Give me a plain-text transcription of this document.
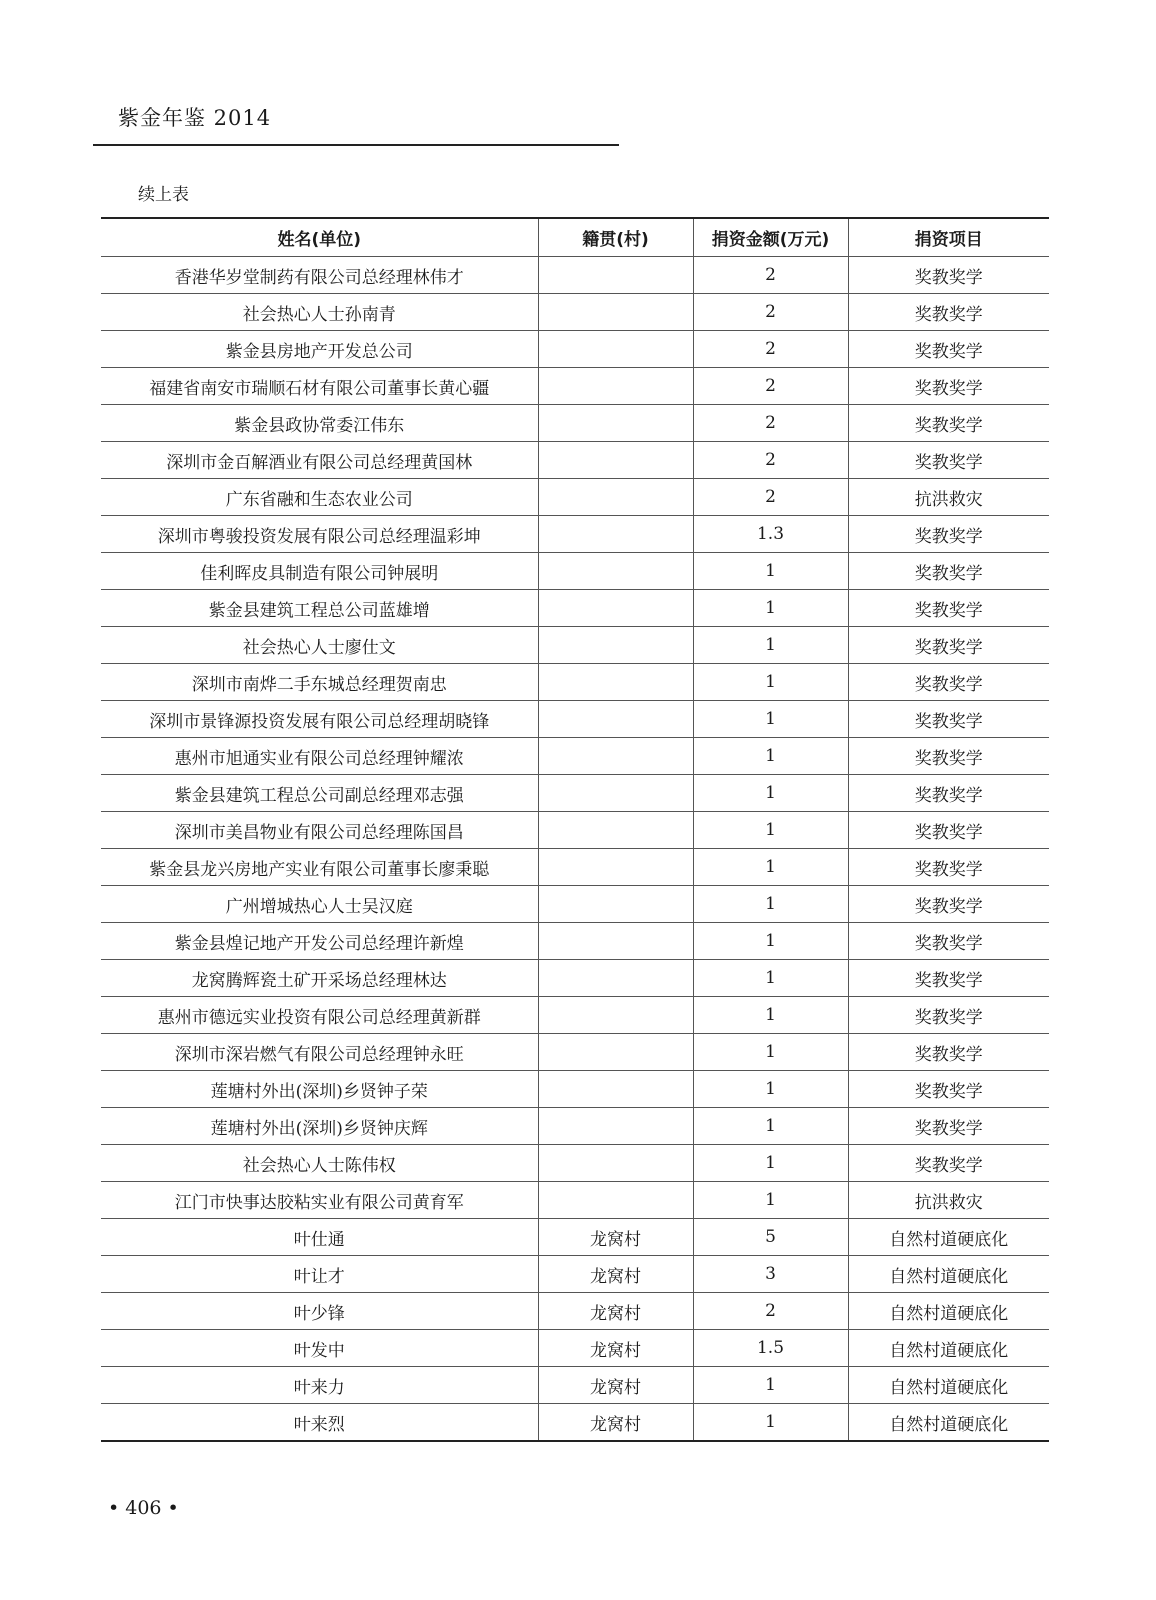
紫金年鉴 2014
续上表
姓名(单位)	籍贯(村)	捐资金额(万元)	捐资项目
香港华岁堂制药有限公司总经理林伟才		2	奖教奖学
社会热心人士孙南青		2	奖教奖学
紫金县房地产开发总公司		2	奖教奖学
福建省南安市瑞顺石材有限公司董事长黄心疆		2	奖教奖学
紫金县政协常委江伟东		2	奖教奖学
深圳市金百解酒业有限公司总经理黄国林		2	奖教奖学
广东省融和生态农业公司		2	抗洪救灾
深圳市粤骏投资发展有限公司总经理温彩坤		1.3	奖教奖学
佳利晖皮具制造有限公司钟展明		1	奖教奖学
紫金县建筑工程总公司蓝雄增		1	奖教奖学
社会热心人士廖仕文		1	奖教奖学
深圳市南烨二手东城总经理贺南忠		1	奖教奖学
深圳市景锋源投资发展有限公司总经理胡晓锋		1	奖教奖学
惠州市旭通实业有限公司总经理钟耀浓		1	奖教奖学
紫金县建筑工程总公司副总经理邓志强		1	奖教奖学
深圳市美昌物业有限公司总经理陈国昌		1	奖教奖学
紫金县龙兴房地产实业有限公司董事长廖秉聪		1	奖教奖学
广州增城热心人士吴汉庭		1	奖教奖学
紫金县煌记地产开发公司总经理许新煌		1	奖教奖学
龙窝腾辉瓷土矿开采场总经理林达		1	奖教奖学
惠州市德远实业投资有限公司总经理黄新群		1	奖教奖学
深圳市深岩燃气有限公司总经理钟永旺		1	奖教奖学
莲塘村外出(深圳)乡贤钟子荣		1	奖教奖学
莲塘村外出(深圳)乡贤钟庆辉		1	奖教奖学
社会热心人士陈伟权		1	奖教奖学
江门市快事达胶粘实业有限公司黄育军		1	抗洪救灾
叶仕通	龙窝村	5	自然村道硬底化
叶让才	龙窝村	3	自然村道硬底化
叶少锋	龙窝村	2	自然村道硬底化
叶发中	龙窝村	1.5	自然村道硬底化
叶来力	龙窝村	1	自然村道硬底化
叶来烈	龙窝村	1	自然村道硬底化
• 406 •
